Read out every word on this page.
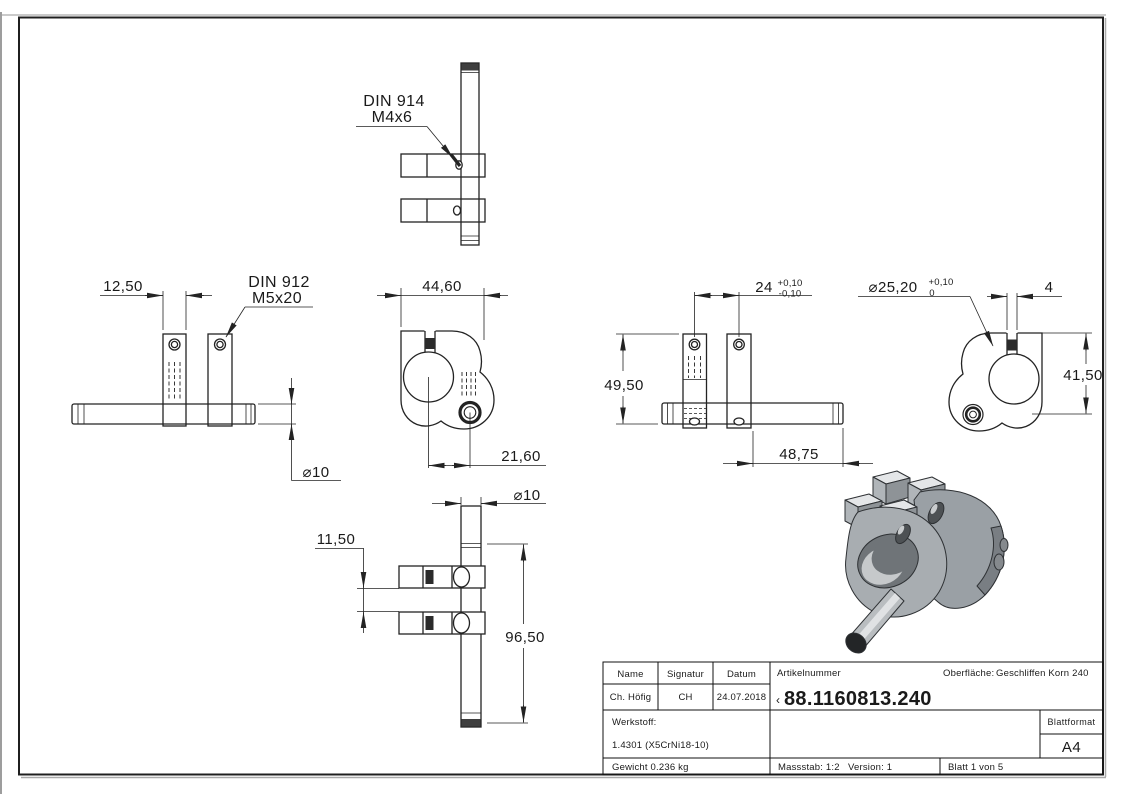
DIN 914
M4x6
12,50	DIN 912
M5x20
⌀10
44,60
21,60
24 +0,10
-0,10
49,50
48,75
⌀25,20 +0,10
0	4
41,50
⌀10
11,50
96,50
Name Signatur Datum
Ch. Höfig	CH	24.07.2018
Artikelnummer	Oberfläche: Geschliffen Korn 240
‹ 88.1160813.240
Werkstoff:
1.4301 (X5CrNi18-10)
Blattformat
A4
Gewicht 0.236 kg	Massstab: 1:2 Version: 1	Blatt 1 von 5
